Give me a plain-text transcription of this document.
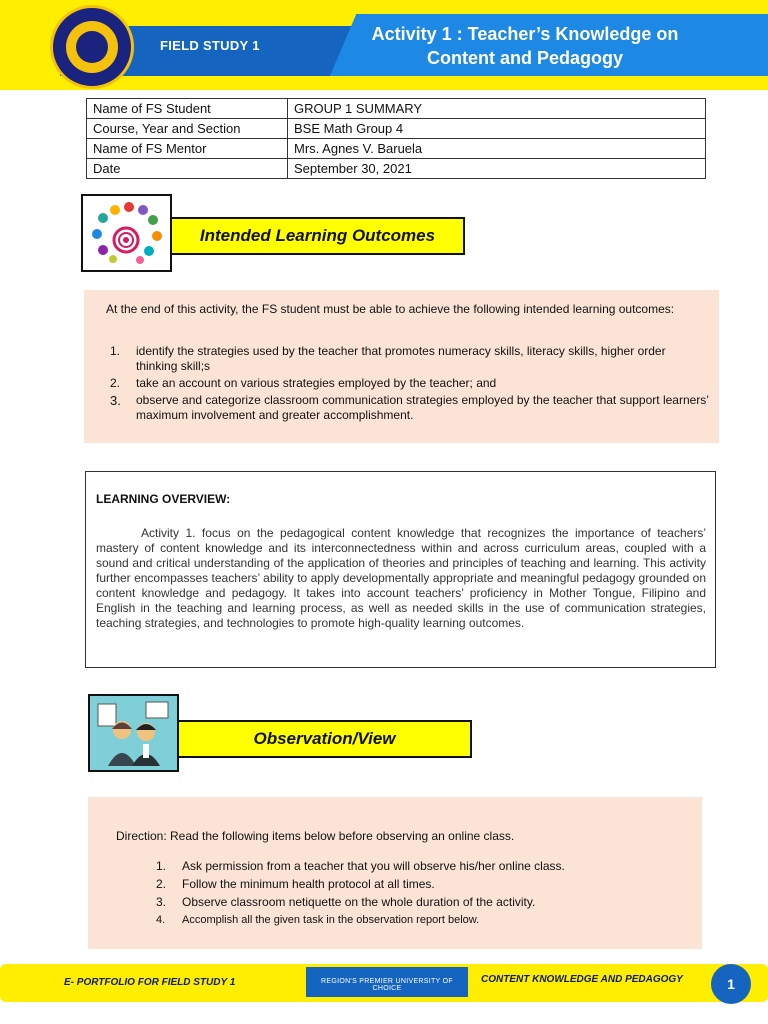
FIELD STUDY 1
Activity 1 : Teacher’s Knowledge on Content and Pedagogy
Name of FS Student	GROUP 1 SUMMARY
Course, Year and Section	BSE Math Group 4
Name of FS Mentor	Mrs. Agnes V. Baruela
Date	September 30, 2021
Intended Learning Outcomes
At the end of this activity, the FS student must be able to achieve the following intended learning outcomes:
1.	identify the strategies used by the teacher that promotes numeracy skills, literacy skills, higher order thinking skill;s
2.	take an account on various strategies employed by the teacher; and
3.	observe and categorize classroom communication strategies employed by the teacher that support learners’ maximum involvement and greater accomplishment.
LEARNING OVERVIEW:
Activity 1. focus on the pedagogical content knowledge that recognizes the importance of teachers’ mastery of content knowledge and its interconnectedness within and across curriculum areas, coupled with a sound and critical understanding of the application of theories and principles of teaching and learning. This activity further encompasses teachers’ ability to apply developmentally appropriate and meaningful pedagogy grounded on content knowledge and pedagogy. It takes into account teachers’ proficiency in Mother Tongue, Filipino and English in the teaching and learning process, as well as needed skills in the use of communication strategies, teaching strategies, and technologies to promote high-quality learning outcomes.
Observation/View
Direction: Read the following items below before observing an online class.
1.	Ask permission from a teacher that you will observe his/her online class.
2.	Follow the minimum health protocol at all times.
3.	Observe classroom netiquette on the whole duration of the activity.
4.	Accomplish all the given task in the observation report below.
E- PORTFOLIO FOR FIELD STUDY 1	REGION'S PREMIER UNIVERSITY OF CHOICE
CONTENT KNOWLEDGE AND PEDAGOGY	1
